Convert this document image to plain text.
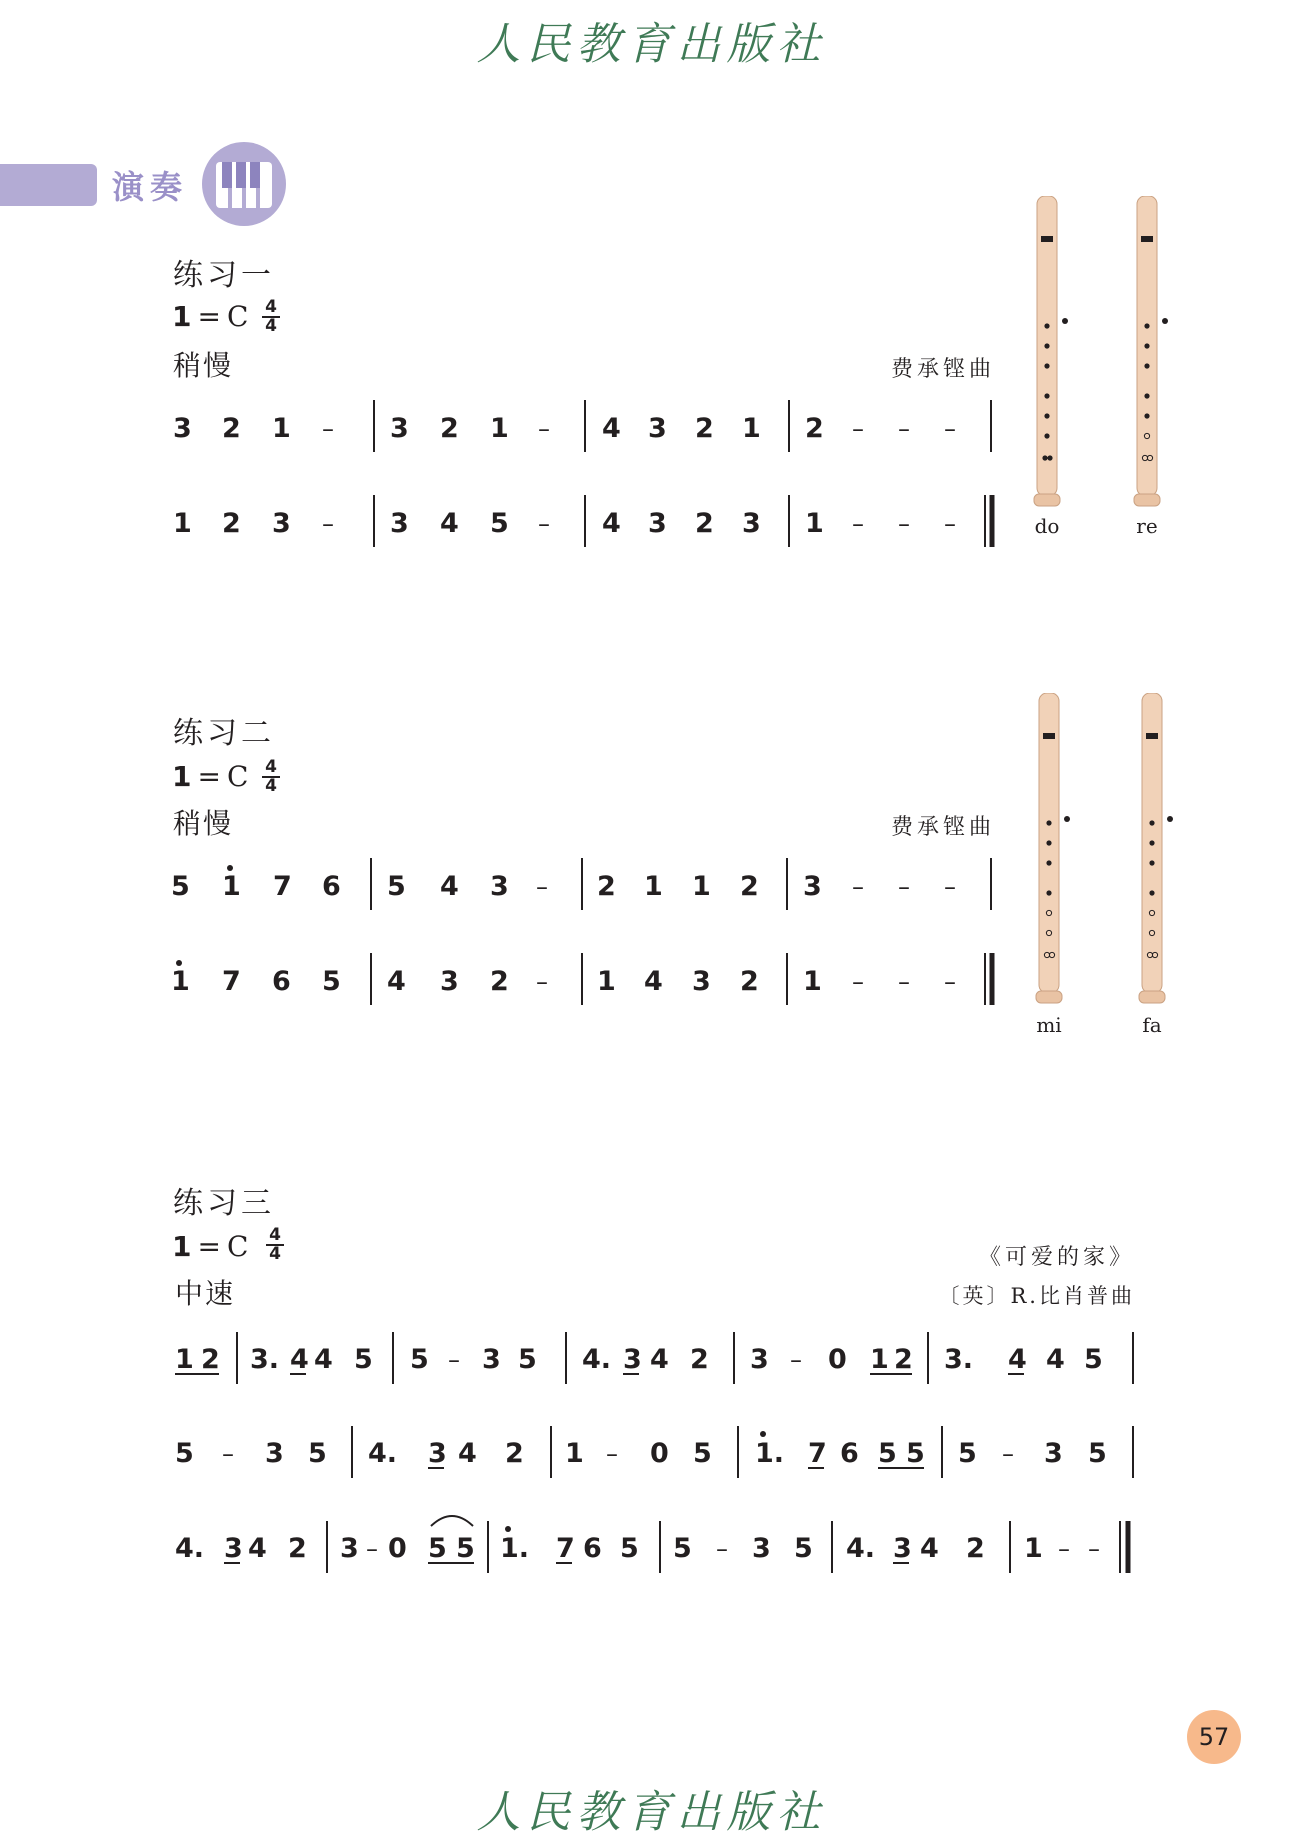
人民教育出版社
演奏
练习一
1 = C 4
4
稍慢	费承铿曲
练习二
1 = C 4
4
稍慢	费承铿曲
练习三
1 = C 4
4
中速
《可爱的家》
〔英〕R.比肖普曲
3 2 1 – 3 2 1 – 4 3 2 1 2 – – –
1 2 3 – 3 4 5 – 4 3 2 3 1 – – –
5 1 7 6 5 4 3 – 2 1 1 2 3 – – –
1 7 6 5 4 3 2 – 1 4 3 2 1 – – –
1 2 3. 4 4 5 5 – 3 5 4. 3 4 2 3 – 0 1 2 3. 4 4 5
5 – 3 5 4. 3 4 2 1 – 0 5 1. 7 6 5 5 5 – 3 5
4. 3 4 2 3 – 0 5 5 1. 7 6 5 5 – 3 5 4. 3 4 2 1 – –
do	re
mi	fa
57
人民教育出版社
